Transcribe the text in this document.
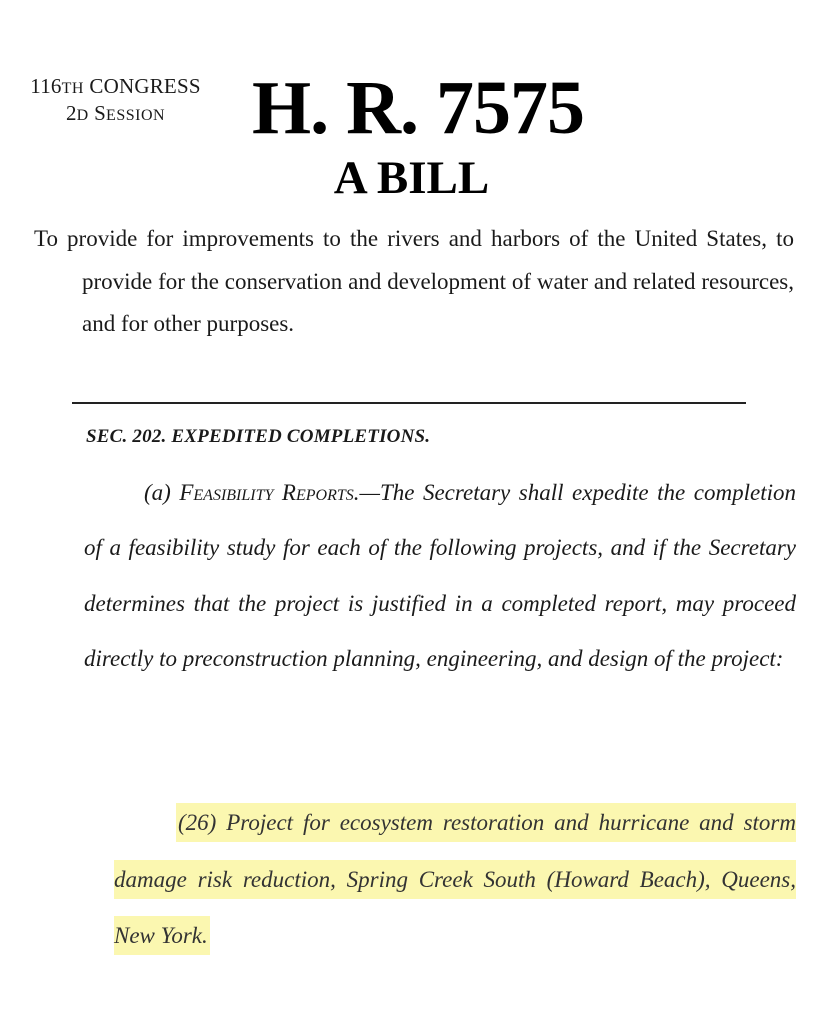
116TH CONGRESS
2D SESSION	H. R. 7575
A BILL
To provide for improvements to the rivers and harbors of the United States, to provide for the conservation and development of water and related resources, and for other purposes.
SEC. 202. EXPEDITED COMPLETIONS.
(a) Feasibility Reports.—The Secretary shall expedite the completion of a feasibility study for each of the following projects, and if the Secretary determines that the project is justified in a completed report, may proceed directly to preconstruction planning, engineering, and design of the project:
(26) Project for ecosystem restoration and hurricane and storm damage risk reduction, Spring Creek South (Howard Beach), Queens, New York.
